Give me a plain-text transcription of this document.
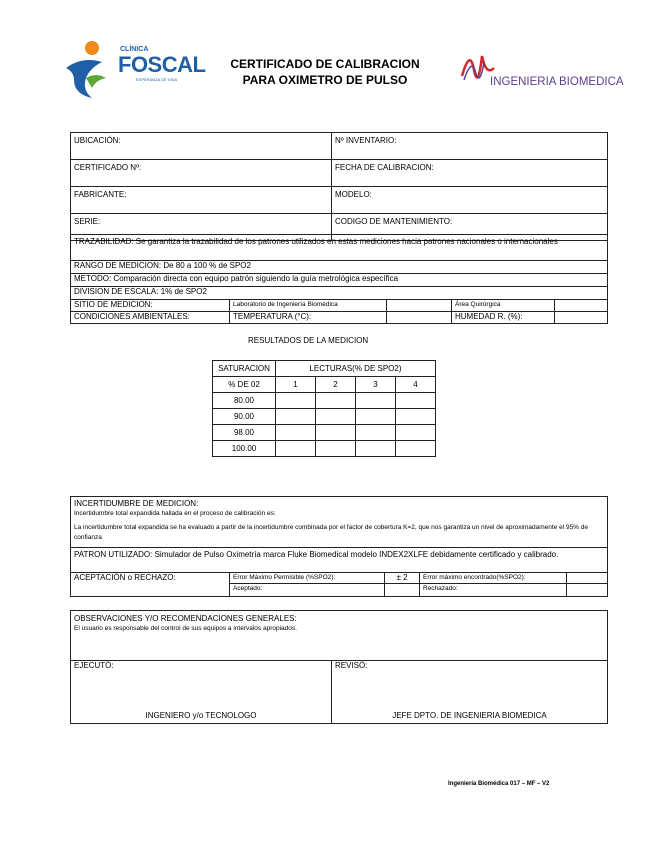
CLÍNICA
FOSCAL
ESPERANZA DE VIDA
CERTIFICADO DE CALIBRACION
PARA OXIMETRO DE PULSO	INGENIERIA BIOMEDICA
UBICACIÓN:	Nº INVENTARIO:
CERTIFICADO Nº:	FECHA DE CALIBRACION:
FABRICANTE:	MODELO:
SERIE:	CODIGO DE MANTENIMIENTO:
TRAZABILIDAD: Se garantiza la trazabilidad de los patrones utilizados en estas mediciones hacia patrones nacionales o internacionales				
RANGO DE MEDICION: De 80 a 100 % de SPO2				
METODO: Comparación directa con equipo patrón siguiendo la guía metrológica específica				
DIVISION DE ESCALA: 1% de SPO2				
SITIO DE MEDICION:	Laboratorio de Ingeniería Biomédica		Área Quirúrgica	
CONDICIONES AMBIENTALES:	TEMPERATURA (°C):		HUMEDAD R. (%):	
RESULTADOS DE LA MEDICION
SATURACION	LECTURAS(% DE SPO2)			
% DE 02	1	2	3	4
80.00				
90.00				
98.00				
100.00				
INCERTIDUMBRE DE MEDICION:
Incertidumbre total expandida hallada en el proceso de calibración es:
La incertidumbre total expandida se ha evaluado a partir de la incertidumbre combinada por el factor de cobertura K=2, que nos garantiza un nivel de aproximadamente el 95% de confianza				

PATRON UTILIZADO: Simulador de Pulso Oximetría marca Fluke Biomedical modelo INDEX2XLFE debidamente certificado y calibrado.				
ACEPTACIÓN o RECHAZO:	Error Máximo Permisible (%SPO2):	± 2	Error máximo encontrado(%SPO2):	
	Aceptado:		Rechazado:	
OBSERVACIONES Y/O RECOMENDACIONES GENERALES:
El usuario es responsable del control de sus equipos a intervalos apropiados.

EJECUTÓ:
INGENIERO y/o TECNOLOGO

REVISÓ:
JEFE DPTO. DE INGENIERIA BIOMEDICA
Ingeniería Biomédica 017 – MF – V2
